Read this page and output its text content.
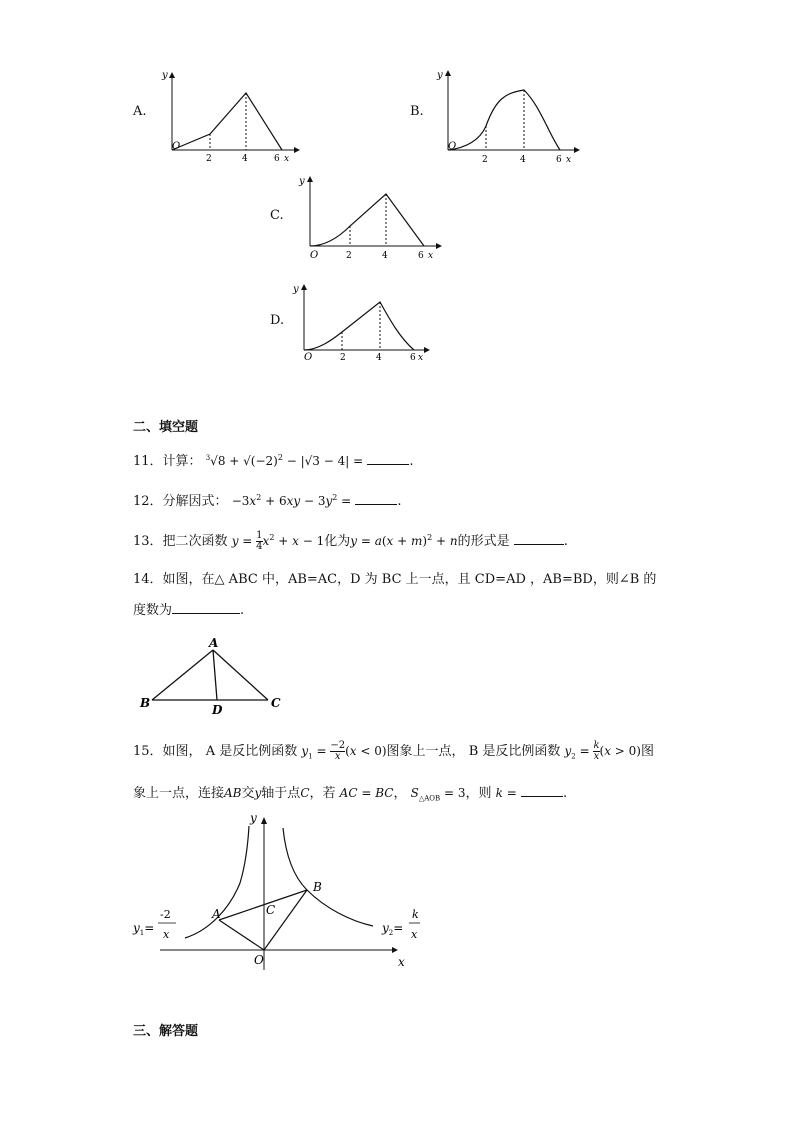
A.
y
O
2	4	6 x
B.
y
O
2	4	6 x
C.
y
O	2	4	6 x
D.
y
O	2	4	6 x
二、填空题
11．计算： $^3√8 + √(-2)^2 - |√3 - 4|$ =	.
12．分解因式： $-3x^2 + 6xy - 3y^2$ =	.
13．把二次函数 $y = \frac{1}{4} x^2 + x - 1$化为$y = a(x + m)^2 + n$的形式是	.
14．如图，在△ ABC 中，AB=AC，D 为 BC 上一点，且 CD=AD ，AB=BD，则∠B 的
度数为	.
A
B	D	C
15．如图， A 是反比例函数 $y_1 = \frac{-2}{x} (x < 0)$图象上一点， B 是反比例函数 $y_2 = \frac{k}{x} (x > 0)$图
象上一点，连接AB交y轴于点C，若 AC = BC， $S_{\triangle AOB} = 3$，则 k =	.
y
x
O
A
B
C
$y_1=$
-2
x	$y_2=$
k
x
三、解答题
